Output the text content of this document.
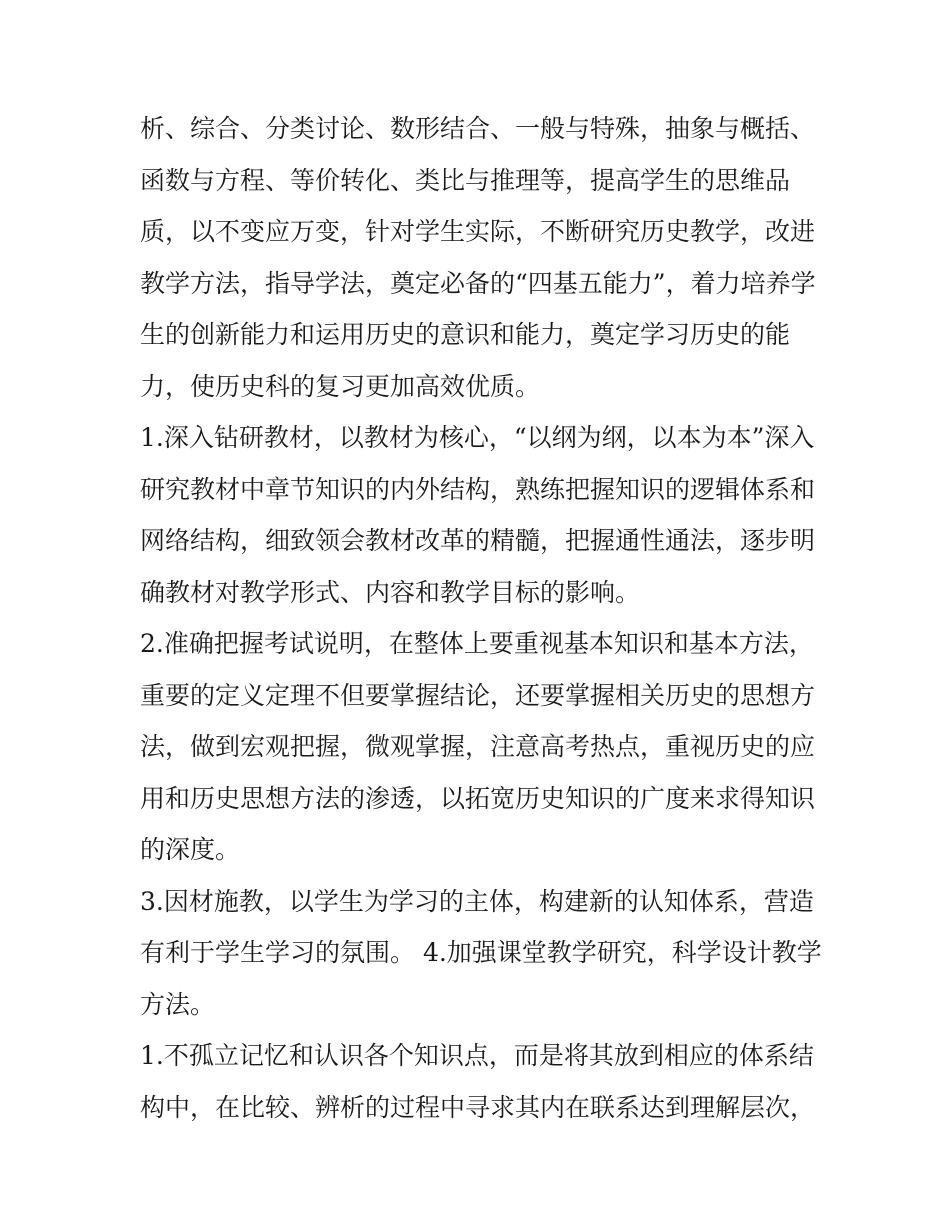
析、综合、分类讨论、数形结合、一般与特殊，抽象与概括、
函数与方程、等价转化、类比与推理等，提高学生的思维品
质，以不变应万变，针对学生实际，不断研究历史教学，改进
教学方法，指导学法，奠定必备的“四基五能力”，着力培养学
生的创新能力和运用历史的意识和能力，奠定学习历史的能
力，使历史科的复习更加高效优质。
1.深入钻研教材，以教材为核心，“以纲为纲，以本为本”深入
研究教材中章节知识的内外结构，熟练把握知识的逻辑体系和
网络结构，细致领会教材改革的精髓，把握通性通法，逐步明
确教材对教学形式、内容和教学目标的影响。
2.准确把握考试说明，在整体上要重视基本知识和基本方法，
重要的定义定理不但要掌握结论，还要掌握相关历史的思想方
法，做到宏观把握，微观掌握，注意高考热点，重视历史的应
用和历史思想方法的渗透，以拓宽历史知识的广度来求得知识
的深度。
3.因材施教，以学生为学习的主体，构建新的认知体系，营造
有利于学生学习的氛围。 4.加强课堂教学研究，科学设计教学
方法。
1.不孤立记忆和认识各个知识点，而是将其放到相应的体系结
构中，在比较、辨析的过程中寻求其内在联系达到理解层次，
